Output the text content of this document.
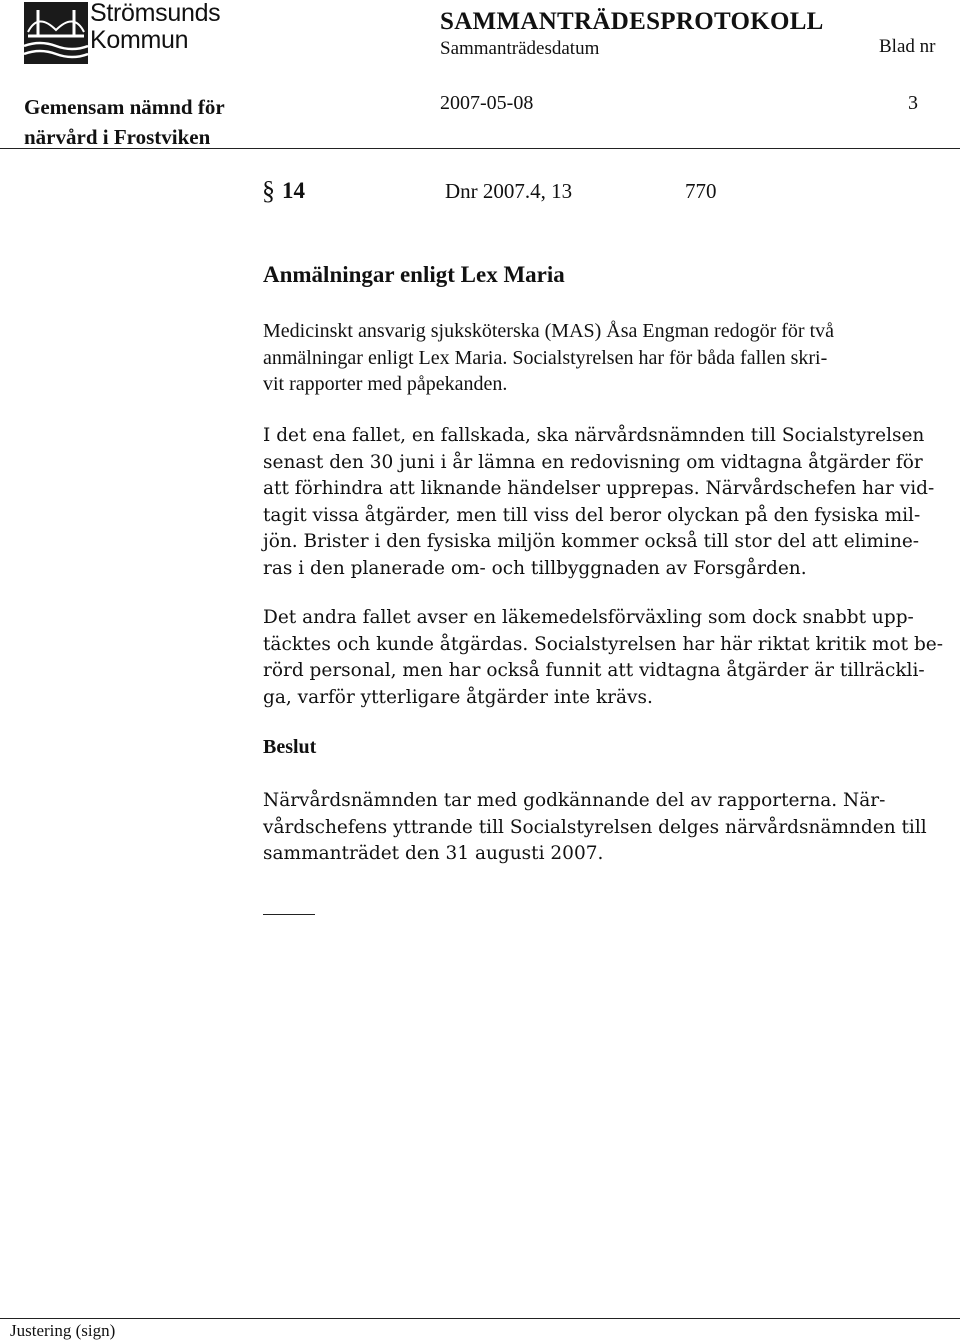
Strömsunds
Kommun
SAMMANTRÄDESPROTOKOLL
Sammanträdesdatum	Blad nr
Gemensam nämnd för
närvård i Frostviken
2007-05-08	3
§ 14	Dnr 2007.4, 13	770
Anmälningar enligt Lex Maria
Medicinskt ansvarig sjuksköterska (MAS) Åsa Engman redogör för två
anmälningar enligt Lex Maria. Socialstyrelsen har för båda fallen skri-
vit rapporter med påpekanden.
I det ena fallet, en fallskada, ska närvårdsnämnden till Socialstyrelsen
senast den 30 juni i år lämna en redovisning om vidtagna åtgärder för
att förhindra att liknande händelser upprepas. Närvårdschefen har vid-
tagit vissa åtgärder, men till viss del beror olyckan på den fysiska mil-
jön. Brister i den fysiska miljön kommer också till stor del att elimine-
ras i den planerade om- och tillbyggnaden av Forsgården.
Det andra fallet avser en läkemedelsförväxling som dock snabbt upp-
täcktes och kunde åtgärdas. Socialstyrelsen har här riktat kritik mot be-
rörd personal, men har också funnit att vidtagna åtgärder är tillräckli-
ga, varför ytterligare åtgärder inte krävs.
Beslut
Närvårdsnämnden tar med godkännande del av rapporterna. När-
vårdschefens yttrande till Socialstyrelsen delges närvårdsnämnden till
sammanträdet den 31 augusti 2007.
Justering (sign)
